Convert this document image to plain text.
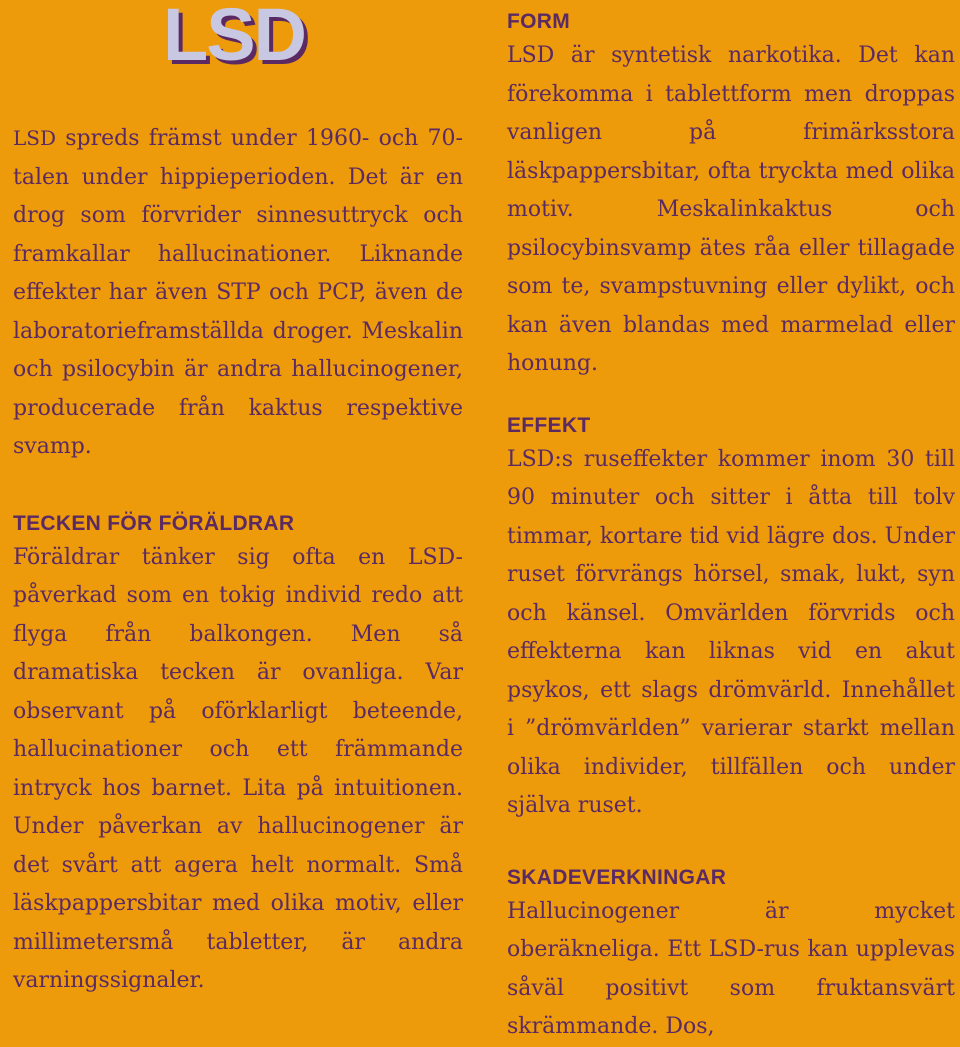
LSD

LSD spreds främst under 1960- och 70-talen under hippieperioden. Det är en drog som förvrider sinnesuttryck och framkallar hallucinationer. Liknande effekter har även STP och PCP, även de laboratorieframställda droger. Meskalin och psilocybin är andra hallucinogener, producerade från kaktus respektive svamp.

TECKEN FÖR FÖRÄLDRAR

Föräldrar tänker sig ofta en LSD-påverkad som en tokig individ redo att flyga från balkongen. Men så dramatiska tecken är ovanliga. Var observant på oförklarligt beteende, hallucinationer och ett främmande intryck hos barnet. Lita på intuitionen. Under påverkan av hallucinogener är det svårt att agera helt normalt. Små läskpappersbitar med olika motiv, eller millimetersmå tabletter, är andra varningssignaler.

FORM

LSD är syntetisk narkotika. Det kan förekomma i tablettform men droppas vanligen på frimärksstora läskpappersbitar, ofta tryckta med olika motiv. Meskalinkaktus och psilocybinsvamp ätes råa eller tillagade som te, svampstuvning eller dylikt, och kan även blandas med marmelad eller honung.

EFFEKT

LSD:s ruseffekter kommer inom 30 till 90 minuter och sitter i åtta till tolv timmar, kortare tid vid lägre dos. Under ruset förvrängs hörsel, smak, lukt, syn och känsel. Omvärlden förvrids och effekterna kan liknas vid en akut psykos, ett slags drömvärld. Innehållet i ”drömvärlden” varierar starkt mellan olika individer, tillfällen och under själva ruset.

SKADEVERKNINGAR

Hallucinogener är mycket oberäkneliga. Ett LSD-rus kan upplevas såväl positivt som fruktansvärt skrämmande. Dos,
